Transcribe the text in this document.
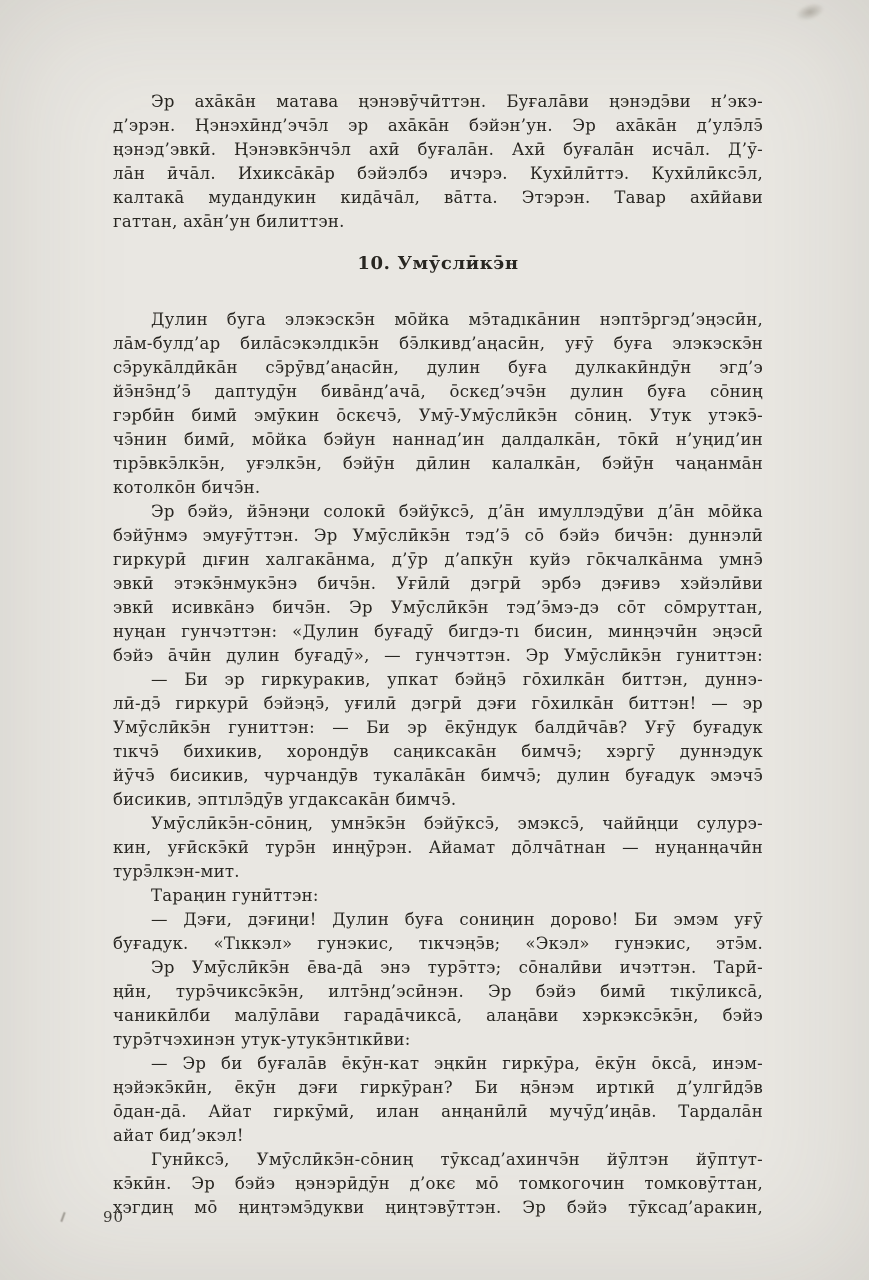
Эр аха̄ка̄н матава ңэнэвӯчӣттэн. Буғала̄ви ңэнэдэ̄ви н’экэ-
д’эрэн. Ңэнэхӣнд’эчэ̄л эр аха̄ка̄н бэйэн’ун. Эр аха̄ка̄н д’улэ̄лэ̄
ңэнэд’эвкӣ. Ңэнэвкэ̄нчэ̄л ахӣ буғала̄н. Ахӣ буғала̄н исча̄л. Д’ӯ-
ла̄н ӣча̄л. Ихикса̄ка̄р бэйэлбэ ичэрэ. Кухӣлӣттэ. Кухӣлӣксэ̄л,
калтака̄ мудандукин кида̄ча̄л, ва̄тта. Этэрэн. Тавар ахӣйави
гаттан, аха̄н’ун билиттэн.
10. Умӯслӣкэ̄н
Дулин буга элэкэскэ̄н мо̄йка мэ̄тадıка̄нин нэптэ̄ргэд’эңэсӣн,
ла̄м-булд’ар била̄сэкэлдıкэ̄н бэ̄лкивд’аңасӣн, уғӯ буға элэкэскэ̄н
сэ̄рука̄лдӣка̄н сэ̄рӯвд’аңасӣн, дулин буға дулкакӣндӯн эгд’э
йэ̄нэ̄нд’э̄ даптудӯн бива̄нд’ача̄, о̄скєд’эчэ̄н дулин буға со̄ниң
гэрбӣн бимӣ эмӯкин о̄скєчэ̄, Умӯ-Умӯслӣкэ̄н со̄ниң. Утук утэкэ̄-
чэ̄нин бимӣ, мо̄йка бэйун наннад’ин далдалка̄н, то̄кӣ н’уңид’ин
тıрэ̄вкэ̄лкэ̄н, уғэлкэ̄н, бэйӯн дӣлин калалка̄н, бэйӯн чаңанма̄н
котолко̄н бичэ̄н.
Эр бэйэ, йэ̄нэңи солокӣ бэйӯксэ̄, д’а̄н имуллэдӯви д’а̄н мо̄йка
бэйӯнмэ эмуғӯттэн. Эр Умӯслӣкэ̄н тэд’э̄ со̄ бэйэ бичэ̄н: дуннэлӣ
гиркурӣ дıғин халгака̄нма, д’ӯр д’апкӯн куйэ го̄кчалка̄нма умнэ̄
эвкӣ этэкэ̄нмукэ̄нэ бичэ̄н. Уғӣлӣ дэгрӣ эрбэ дэғивэ хэйэлӣви
эвкӣ исивка̄нэ бичэ̄н. Эр Умӯслӣкэ̄н тэд’э̄мэ-дэ со̄т со̄мруттан,
нуңан гунчэттэн: «Дулин буғадӯ бигдэ-тı бисин, минңэчӣн эңэсӣ
бэйэ а̄чӣн дулин буғадӯ», — гунчэттэн. Эр Умӯслӣкэ̄н гуниттэн:
— Би эр гиркуракив, упкат бэйңэ̄ го̄хилка̄н биттэн, дуннэ-
лӣ-дэ̄ гиркурӣ бэйэңэ̄, уғилӣ дэгрӣ дэғи го̄хилка̄н биттэн! — эр
Умӯслӣкэ̄н гуниттэн: — Би эр е̄кӯндук балдӣча̄в? Уғӯ буғадук
тıкчэ̄ бихикив, хорондӯв саңиксака̄н бимчэ̄; хэргӯ дуннэдук
йӯчэ̄ бисикив, чурчандӯв тукала̄ка̄н бимчэ̄; дулин буғадук эмэчэ̄
бисикив, эптıлэ̄дӯв угдаксака̄н бимчэ̄.
Умӯслӣкэ̄н-со̄ниң, умнэ̄кэ̄н бэйӯксэ̄, эмэксэ̄, чайӣңци сулурэ-
кин, уғӣскэ̄кӣ турэ̄н инңӯрэн. Айамат до̄лча̄тнан — нуңанңачӣн
турэ̄лкэн-мит.
Тараңин гунӣттэн:
— Дэғи, дэғиңи! Дулин буға сониңин дорово! Би эмэм уғӯ
буғадук. «Тıккэл» гунэкис, тıкчэңэ̄в; «Экэл» гунэкис, этэ̄м.
Эр Умӯслӣкэ̄н е̄ва-да̄ энэ турэ̄ттэ; со̄налӣви ичэттэн. Тарӣ-
ңӣн, турэ̄чиксэ̄кэ̄н, илтэ̄нд’эсӣнэн. Эр бэйэ бимӣ тıкӯликса̄,
чаникӣлби малӯла̄ви гарада̄чикса̄, алаңа̄ви хэркэксэ̄кэ̄н, бэйэ
турэ̄тчэхинэн утук-утукэ̄нтıкӣви:
— Эр би буғала̄в е̄кӯн-кат эңкӣн гиркӯра, е̄кӯн о̄кса̄, инэм-
ңэйэкэ̄кӣн, е̄кӯн дэғи гиркӯран? Би ңэ̄нэм иртıкӣ д’улгӣдэ̄в
о̄дан-да̄. Айат гиркӯмӣ, илан анңанӣлӣ мучӯд’иңа̄в. Тардала̄н
айат бид’экэл!
Гунӣксэ̄, Умӯслӣкэ̄н-со̄ниң тӯксад’ахинчэ̄н йӯлтэн йӯптут-
кэ̄кӣн. Эр бэйэ ңэнэрӣдӯн д’окє мо̄ томкогочин томковӯттан,
хэгдиң мо̄ ңиңтэмэ̄дукви ңиңтэвӯттэн. Эр бэйэ тӯксад’аракин,
90
